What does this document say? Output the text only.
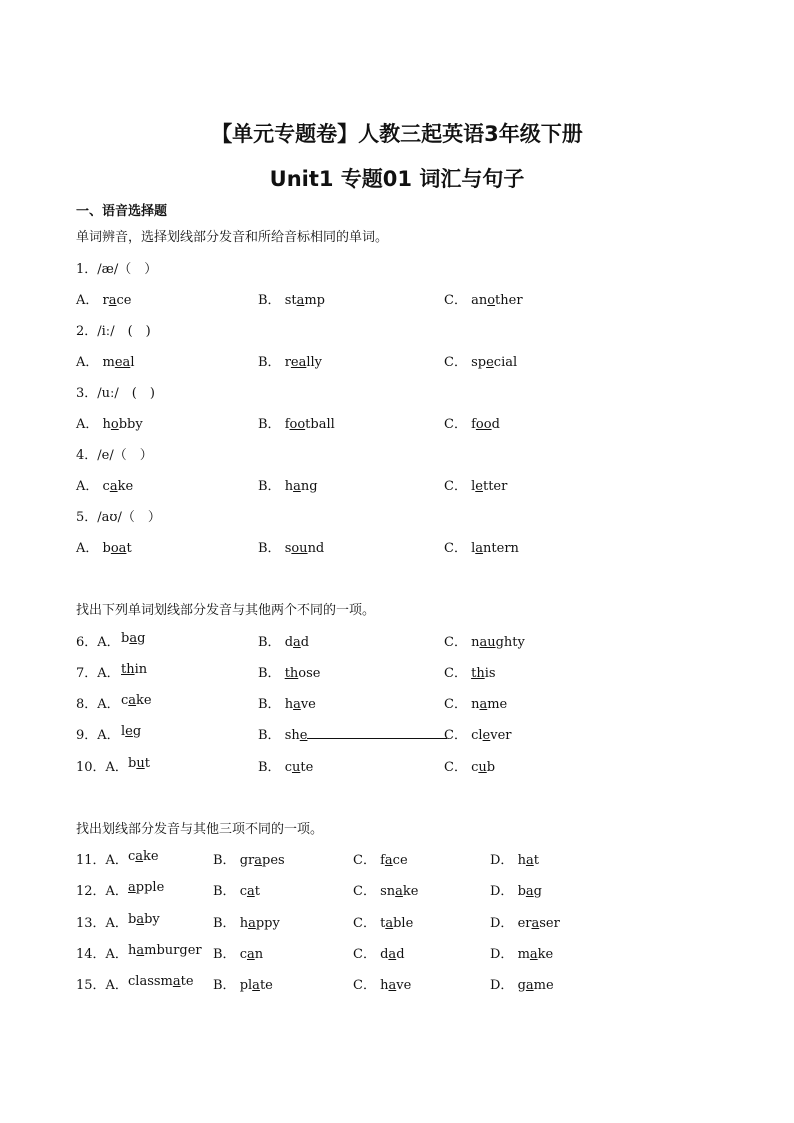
【单元专题卷】人教三起英语3年级下册
Unit1 专题01 词汇与句子
一、语音选择题
单词辨音，选择划线部分发音和所给音标相同的单词。
1．/æ/（　）
A． race	B． stamp	C． another
2．/iː/　(　)
A． meal	B． really	C． special
3．/uː/　(　)
A． hobby	B． football	C． food
4．/e/（　）
A． cake	B． hang	C． letter
5．/aʊ/（　）
A． boat	B． sound	C． lantern
找出下列单词划线部分发音与其他两个不同的一项。
6．A． bag	B． dad	C． naughty
7．A． thin	B． those	C． this
8．A． cake	B． have	C． name
9．A． leg	B． she	C． clever
10．A． but	B． cute	C． cub
找出划线部分发音与其他三项不同的一项。
11．A． cake	B． grapes	C． face	D． hat
12．A． apple	B． cat	C． snake	D． bag
13．A． baby	B． happy	C． table	D． eraser
14．A． hamburger B． can	C． dad	D． make
15．A． classmate B． plate	C． have	D． game
